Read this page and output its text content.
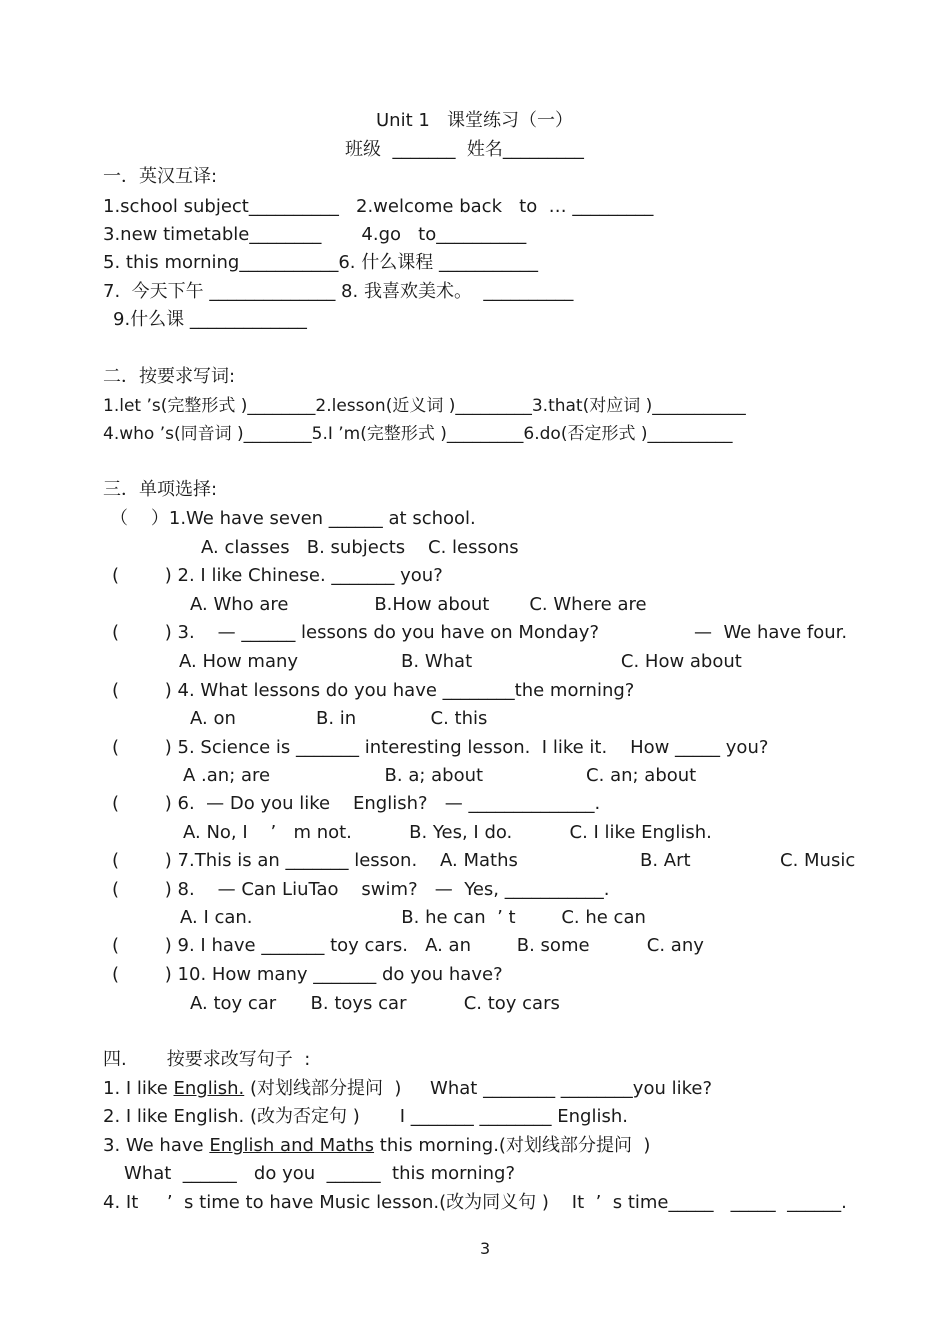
Unit 1   课堂练习（一）
班级  _______  姓名_________
一．英汉互译:
1.school subject__________   2.welcome back   to  … _________
3.new timetable________       4.go   to__________
5. this morning___________6. 什么课程 ___________
7.  今天下午 ______________ 8. 我喜欢美术。  __________
9.什么课 _____________
二．按要求写词:
1.let ’s(完整形式 )________2.lesson(近义词 )_________3.that(对应词 )___________
4.who ’s(同音词 )________5.I ’m(完整形式 )_________6.do(否定形式 )__________
三．单项选择:
（    ）1.We have seven ______ at school.
A. classes   B. subjects    C. lessons
(        ) 2. I like Chinese. _______ you?
A. Who are               B.How about       C. Where are
(        ) 3.    — ______ lessons do you have on Monday?	—  We have four.
A. How many                  B. What                          C. How about
(        ) 4. What lessons do you have ________the morning?
A. on              B. in             C. this
(        ) 5. Science is _______ interesting lesson.  I like it.    How _____ you?
A .an; are                    B. a; about                  C. an; about
(        ) 6.  — Do you like    English?   — ______________.
A. No, I    ’   m not.          B. Yes, I do.          C. I like English.
(        ) 7.This is an _______ lesson.    A. Maths	B. Art	C. Music
(        ) 8.    — Can LiuTao    swim?   —  Yes, ___________.
A. I can.                          B. he can  ’ t        C. he can
(        ) 9. I have _______ toy cars.   A. an        B. some          C. any
(        ) 10. How many _______ do you have?
A. toy car      B. toys car          C. toy cars
四.       按要求改写句子  :
1. I like English. (对划线部分提问  )     What ________ ________you like?
2. I like English. (改为否定句 )       I _______ ________ English.
3. We have English and Maths this morning.(对划线部分提问  )
What  ______   do you  ______  this morning?
4. It     ’  s time to have Music lesson.(改为同义句 )    It  ’  s time_____   _____  ______.
3
